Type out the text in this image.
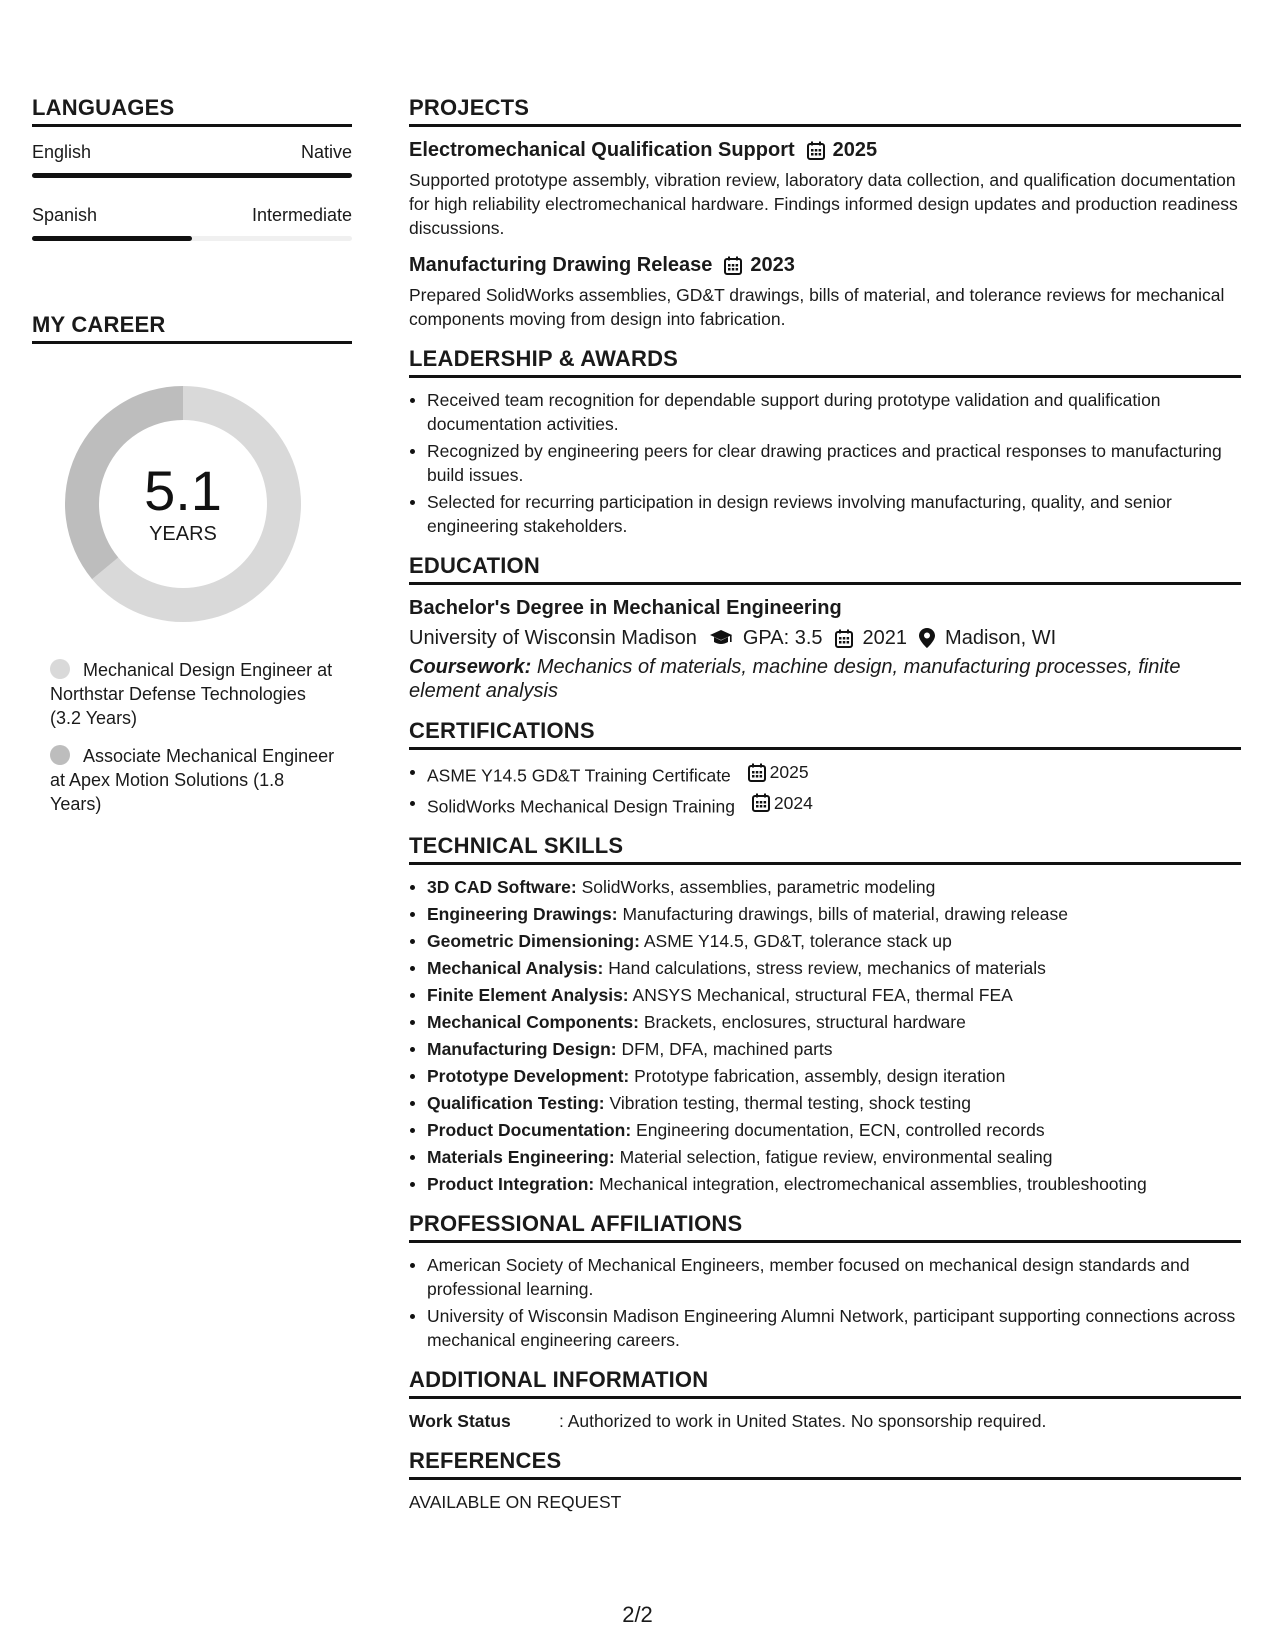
LANGUAGES
English	Native
Spanish	Intermediate
MY CAREER
5.1
YEARS
Mechanical Design Engineer at Northstar Defense Technologies (3.2 Years)
Associate Mechanical Engineer at Apex Motion Solutions (1.8 Years)
PROJECTS
Electromechanical Qualification Support 2025
Supported prototype assembly, vibration review, laboratory data collection, and qualification documentation for high reliability electromechanical hardware. Findings informed design updates and production readiness discussions.
Manufacturing Drawing Release 2023
Prepared SolidWorks assemblies, GD&T drawings, bills of material, and tolerance reviews for mechanical components moving from design into fabrication.
LEADERSHIP & AWARDS
Received team recognition for dependable support during prototype validation and qualification documentation activities.
Recognized by engineering peers for clear drawing practices and practical responses to manufacturing build issues.
Selected for recurring participation in design reviews involving manufacturing, quality, and senior engineering stakeholders.
EDUCATION
Bachelor's Degree in Mechanical Engineering
University of Wisconsin Madison GPA: 3.5 2021 Madison, WI
Coursework: Mechanics of materials, machine design, manufacturing processes, finite element analysis
CERTIFICATIONS
ASME Y14.5 GD&T Training Certificate 2025
SolidWorks Mechanical Design Training 2024
TECHNICAL SKILLS
3D CAD Software: SolidWorks, assemblies, parametric modeling
Engineering Drawings: Manufacturing drawings, bills of material, drawing release
Geometric Dimensioning: ASME Y14.5, GD&T, tolerance stack up
Mechanical Analysis: Hand calculations, stress review, mechanics of materials
Finite Element Analysis: ANSYS Mechanical, structural FEA, thermal FEA
Mechanical Components: Brackets, enclosures, structural hardware
Manufacturing Design: DFM, DFA, machined parts
Prototype Development: Prototype fabrication, assembly, design iteration
Qualification Testing: Vibration testing, thermal testing, shock testing
Product Documentation: Engineering documentation, ECN, controlled records
Materials Engineering: Material selection, fatigue review, environmental sealing
Product Integration: Mechanical integration, electromechanical assemblies, troubleshooting
PROFESSIONAL AFFILIATIONS
American Society of Mechanical Engineers, member focused on mechanical design standards and professional learning.
University of Wisconsin Madison Engineering Alumni Network, participant supporting connections across mechanical engineering careers.
ADDITIONAL INFORMATION
Work Status	: Authorized to work in United States. No sponsorship required.
REFERENCES
AVAILABLE ON REQUEST
2/2
